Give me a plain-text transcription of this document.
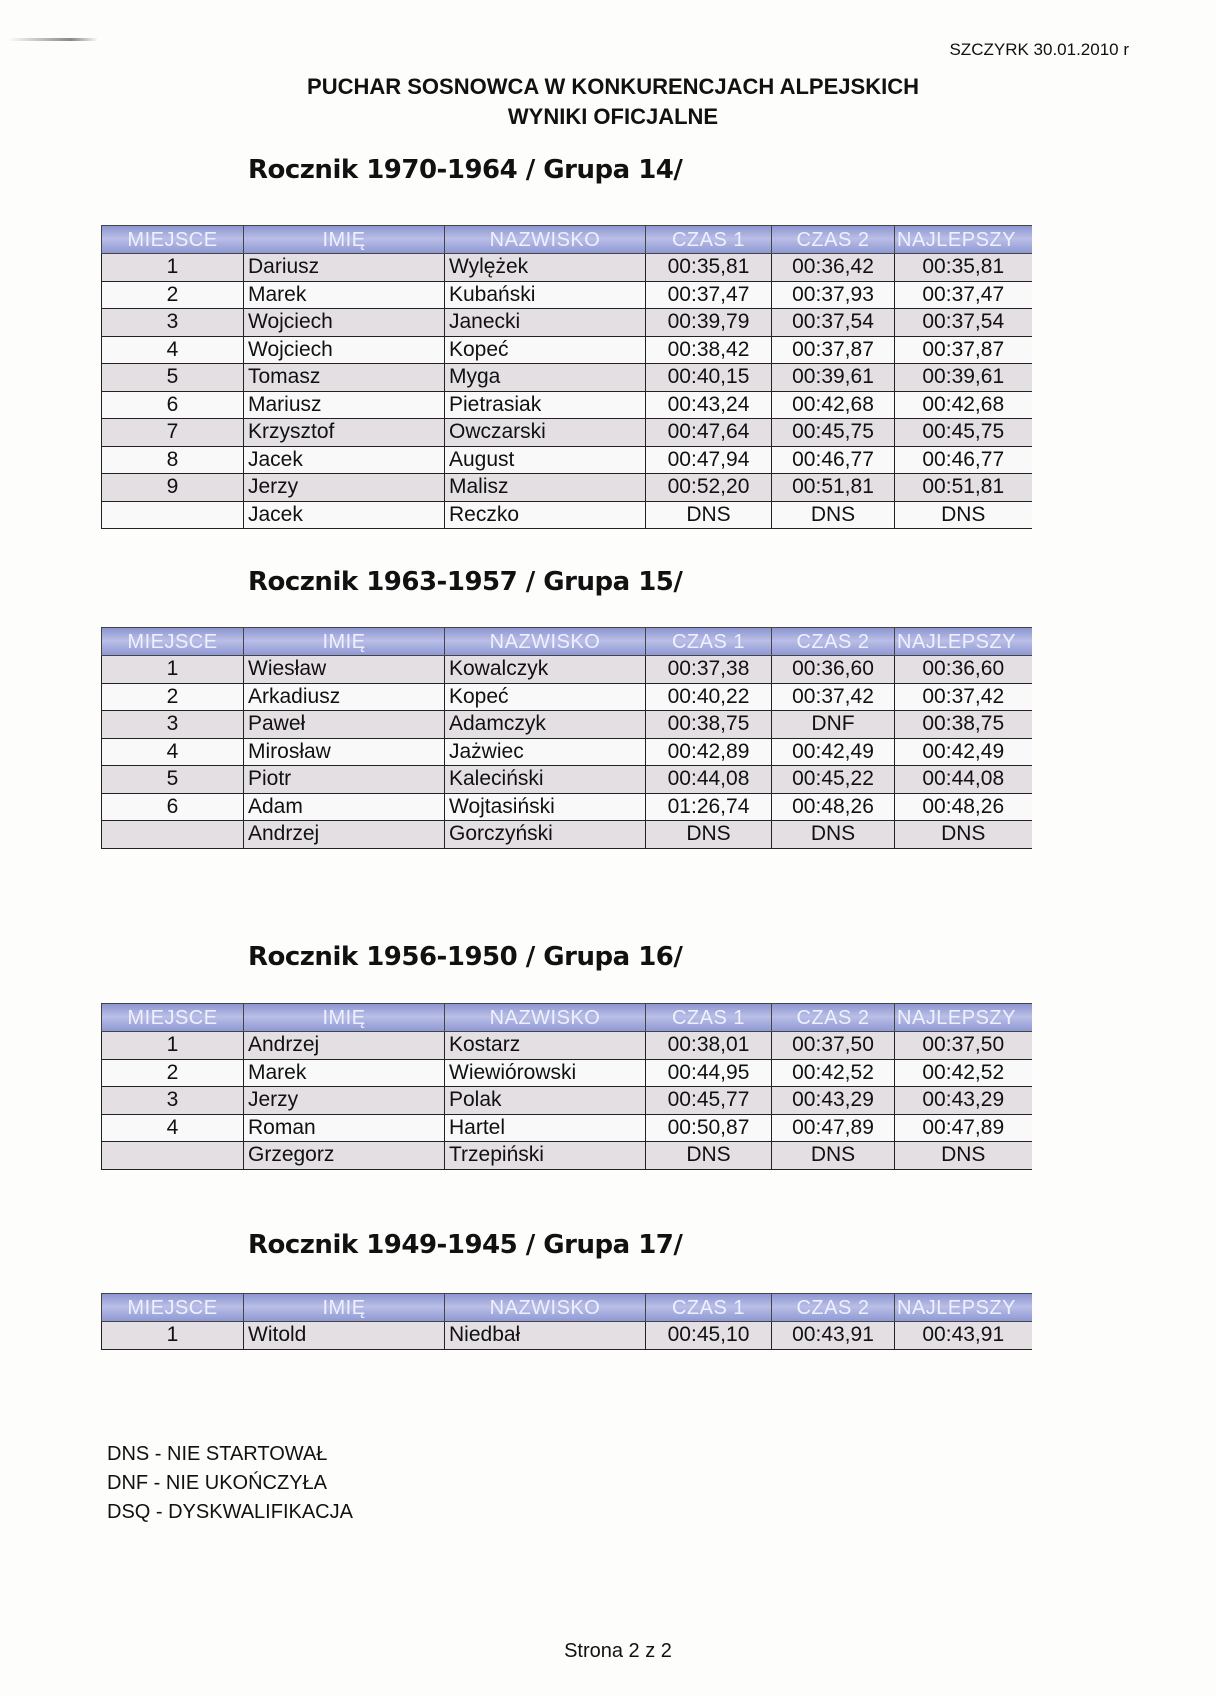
SZCZYRK 30.01.2010 r
PUCHAR SOSNOWCA W KONKURENCJACH ALPEJSKICH
WYNIKI OFICJALNE
Rocznik 1970-1964 / Grupa 14/
MIEJSCE	IMIĘ	NAZWISKO	CZAS 1	CZAS 2	NAJLEPSZY
1	Dariusz	Wylężek	00:35,81	00:36,42	00:35,81
2	Marek	Kubański	00:37,47	00:37,93	00:37,47
3	Wojciech	Janecki	00:39,79	00:37,54	00:37,54
4	Wojciech	Kopeć	00:38,42	00:37,87	00:37,87
5	Tomasz	Myga	00:40,15	00:39,61	00:39,61
6	Mariusz	Pietrasiak	00:43,24	00:42,68	00:42,68
7	Krzysztof	Owczarski	00:47,64	00:45,75	00:45,75
8	Jacek	August	00:47,94	00:46,77	00:46,77
9	Jerzy	Malisz	00:52,20	00:51,81	00:51,81
	Jacek	Reczko	DNS	DNS	DNS
Rocznik 1963-1957 / Grupa 15/
MIEJSCE	IMIĘ	NAZWISKO	CZAS 1	CZAS 2	NAJLEPSZY
1	Wiesław	Kowalczyk	00:37,38	00:36,60	00:36,60
2	Arkadiusz	Kopeć	00:40,22	00:37,42	00:37,42
3	Paweł	Adamczyk	00:38,75	DNF	00:38,75
4	Mirosław	Jażwiec	00:42,89	00:42,49	00:42,49
5	Piotr	Kaleciński	00:44,08	00:45,22	00:44,08
6	Adam	Wojtasiński	01:26,74	00:48,26	00:48,26
	Andrzej	Gorczyński	DNS	DNS	DNS
Rocznik 1956-1950 / Grupa 16/
MIEJSCE	IMIĘ	NAZWISKO	CZAS 1	CZAS 2	NAJLEPSZY
1	Andrzej	Kostarz	00:38,01	00:37,50	00:37,50
2	Marek	Wiewiórowski	00:44,95	00:42,52	00:42,52
3	Jerzy	Polak	00:45,77	00:43,29	00:43,29
4	Roman	Hartel	00:50,87	00:47,89	00:47,89
	Grzegorz	Trzepiński	DNS	DNS	DNS
Rocznik 1949-1945 / Grupa 17/
MIEJSCE	IMIĘ	NAZWISKO	CZAS 1	CZAS 2	NAJLEPSZY
1	Witold	Niedbał	00:45,10	00:43,91	00:43,91
DNS - NIE STARTOWAŁ
DNF - NIE UKOŃCZYŁA
DSQ - DYSKWALIFIKACJA
Strona 2 z 2
